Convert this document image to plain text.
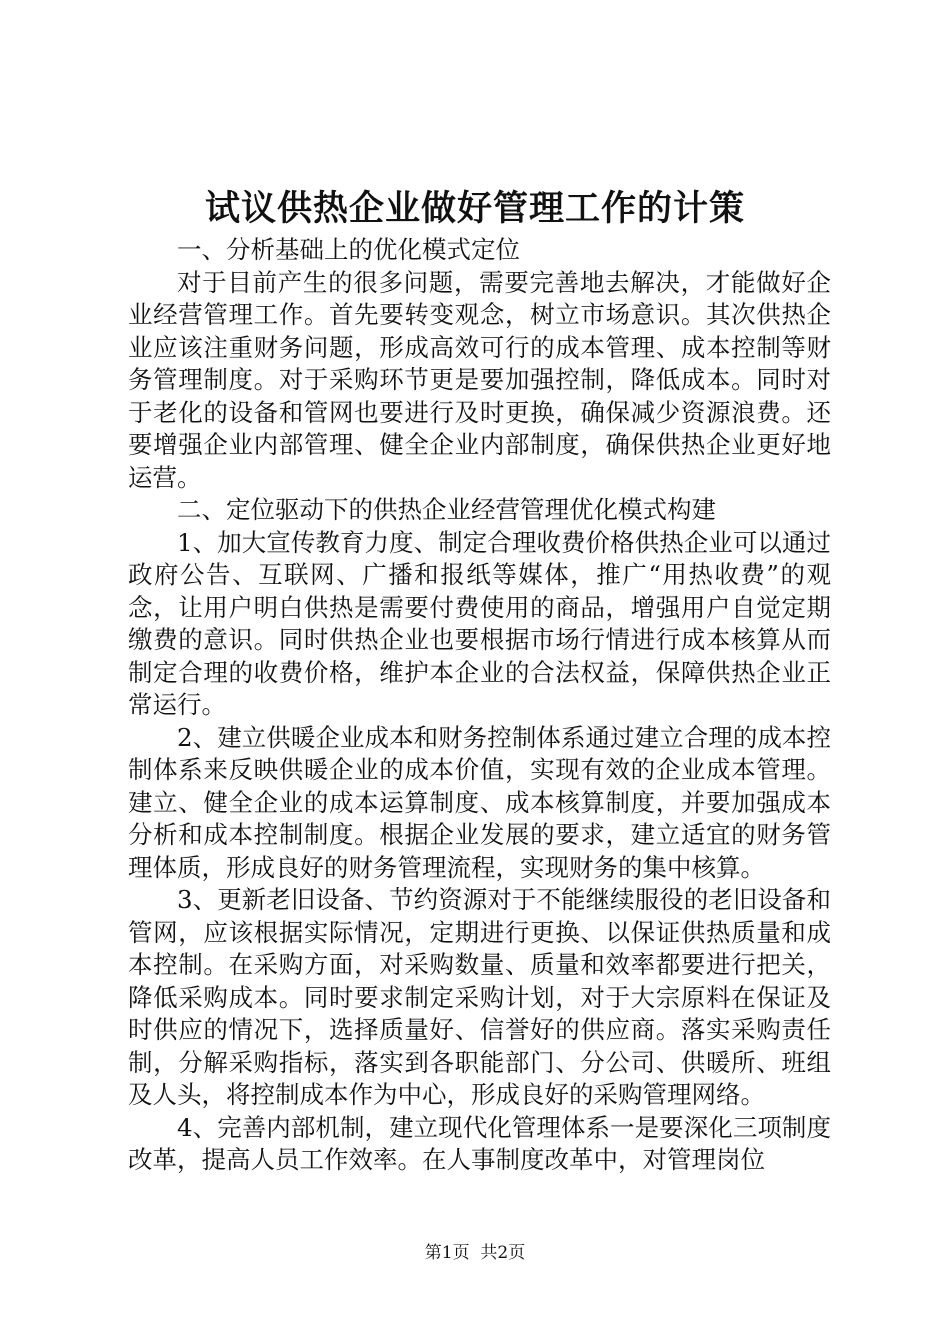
试议供热企业做好管理工作的计策

一、分析基础上的优化模式定位

对于目前产生的很多问题，需要完善地去解决，才能做好企业经营管理工作。首先要转变观念，树立市场意识。其次供热企业应该注重财务问题，形成高效可行的成本管理、成本控制等财务管理制度。对于采购环节更是要加强控制，降低成本。同时对于老化的设备和管网也要进行及时更换，确保减少资源浪费。还要增强企业内部管理、健全企业内部制度，确保供热企业更好地运营。

二、定位驱动下的供热企业经营管理优化模式构建

1、加大宣传教育力度、制定合理收费价格供热企业可以通过政府公告、互联网、广播和报纸等媒体，推广“用热收费”的观念，让用户明白供热是需要付费使用的商品，增强用户自觉定期缴费的意识。同时供热企业也要根据市场行情进行成本核算从而制定合理的收费价格，维护本企业的合法权益，保障供热企业正常运行。

2、建立供暖企业成本和财务控制体系通过建立合理的成本控制体系来反映供暖企业的成本价值，实现有效的企业成本管理。建立、健全企业的成本运算制度、成本核算制度，并要加强成本分析和成本控制制度。根据企业发展的要求，建立适宜的财务管理体质，形成良好的财务管理流程，实现财务的集中核算。

3、更新老旧设备、节约资源对于不能继续服役的老旧设备和管网，应该根据实际情况，定期进行更换、以保证供热质量和成本控制。在采购方面，对采购数量、质量和效率都要进行把关，降低采购成本。同时要求制定采购计划，对于大宗原料在保证及时供应的情况下，选择质量好、信誉好的供应商。落实采购责任制，分解采购指标，落实到各职能部门、分公司、供暖所、班组及人头，将控制成本作为中心，形成良好的采购管理网络。

4、完善内部机制，建立现代化管理体系一是要深化三项制度改革，提高人员工作效率。在人事制度改革中，对管理岗位

第1页  共2页
